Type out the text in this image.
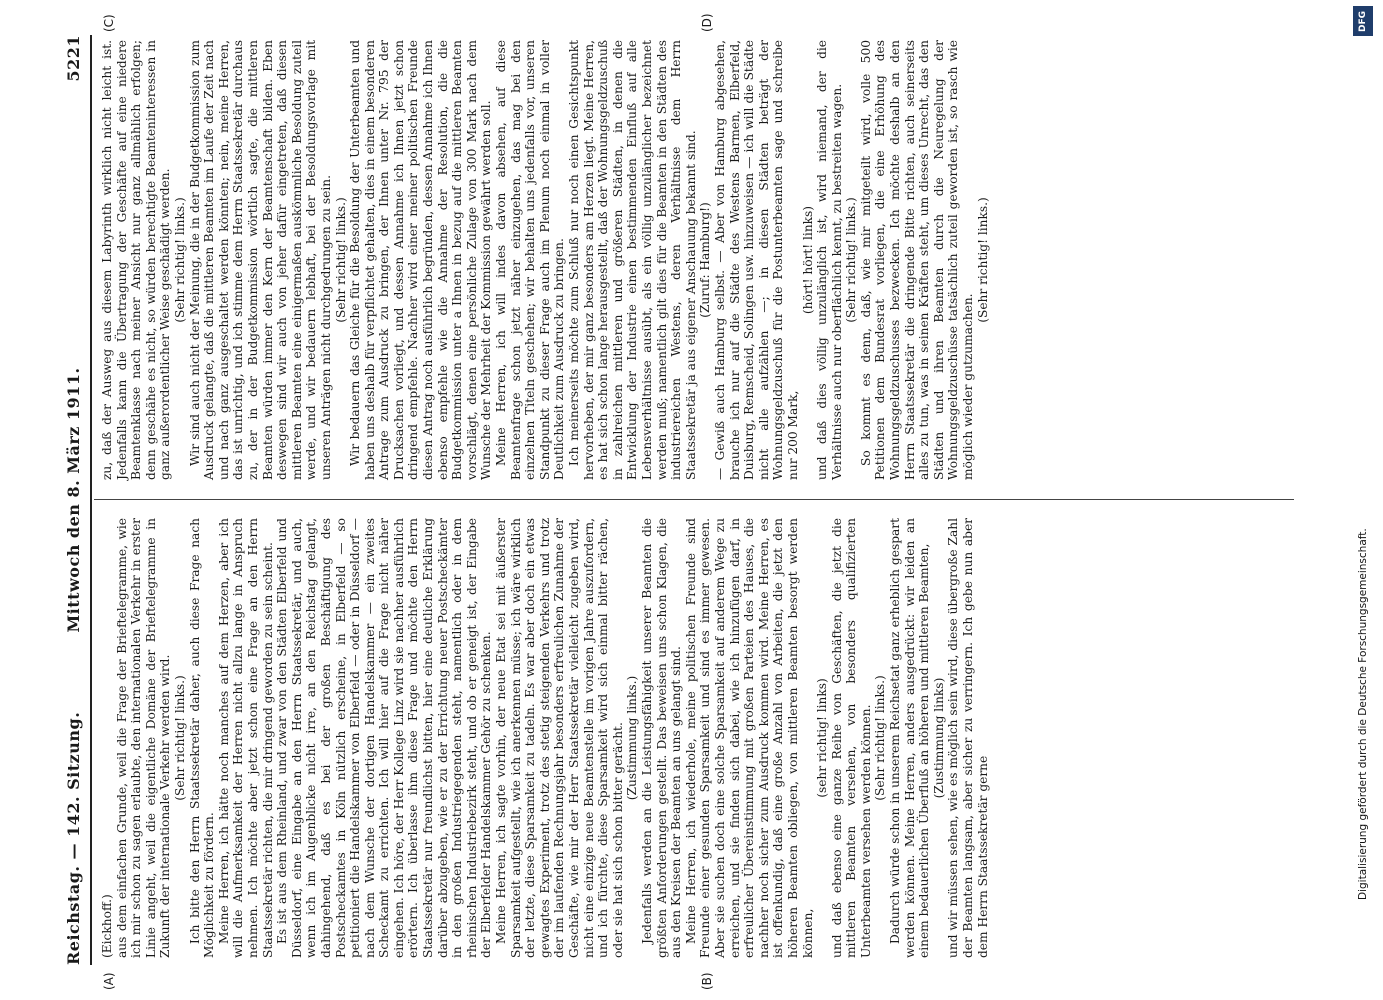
Reichstag. — 142. Sitzung.
Mittwoch den 8. März 1911.
5221
(A)	(B)
(C)	(D)

(Eickhoff.) aus dem einfachen Grunde, weil die Frage der Brieftelegramme, wie ich mir schon zu sagen erlaubte, den internationalen Verkehr in erster Linie angeht, weil die eigentliche Domäne der Brieftelegramme in Zukunft der internationale Verkehr werden wird. (Sehr richtig! links.) Ich bitte den Herrn Staatssekretär daher, auch diese Frage nach Möglichkeit zu fördern. Meine Herren, ich hätte noch manches auf dem Herzen, aber ich will die Aufmerksamkeit der Herren nicht allzu lange in Anspruch nehmen. Ich möchte aber jetzt schon eine Frage an den Herrn Staatssekretär richten, die mir dringend geworden zu sein scheint. Es ist aus dem Rheinland, und zwar von den Städten Elberfeld und Düsseldorf, eine Eingabe an den Herrn Staatssekretär, und auch, wenn ich im Augenblicke nicht irre, an den Reichstag gelangt, dahingehend, daß es bei der großen Beschäftigung des Postscheckamtes in Köln nützlich erscheine, in Elberfeld — so petitioniert die Handelskammer von Elberfeld — oder in Düsseldorf — nach dem Wunsche der dortigen Handelskammer — ein zweites Scheckamt zu errichten. Ich will hier auf die Frage nicht näher eingehen. Ich höre, der Herr Kollege Linz wird sie nachher ausführlich erörtern. Ich überlasse ihm diese Frage und möchte den Herrn Staatssekretär nur freundlichst bitten, hier eine deutliche Erklärung darüber abzugeben, wie er zu der Errichtung neuer Postscheckämter in den großen Industriegegenden steht, namentlich oder in dem rheinischen Industriebezirk steht, und ob er geneigt ist, der Eingabe der Elberfelder Handelskammer Gehör zu schenken. Meine Herren, ich sagte vorhin, der neue Etat sei mit äußerster Sparsamkeit aufgestellt, wie ich anerkennen müsse; ich wäre wirklich der letzte, diese Sparsamkeit zu tadeln. Es war aber doch ein etwas gewagtes Experiment, trotz des stetig steigenden Verkehrs und trotz der im laufenden Rechnungsjahr besonders erfreulichen Zunahme der Geschäfte, wie mir der Herr Staatssekretär vielleicht zugeben wird, nicht eine einzige neue Beamtenstelle im vorigen Jahre auszufordern, und ich fürchte, diese Sparsamkeit wird sich einmal bitter rächen, oder sie hat sich schon bitter gerächt. (Zustimmung links.) Jedenfalls werden an die Leistungsfähigkeit unserer Beamten die größten Anforderungen gestellt. Das beweisen uns schon Klagen, die aus den Kreisen der Beamten an uns gelangt sind. Meine Herren, ich wiederhole, meine politischen Freunde sind Freunde einer gesunden Sparsamkeit und sind es immer gewesen. Aber sie suchen doch eine solche Sparsamkeit auf anderem Wege zu erreichen, und sie finden sich dabei, wie ich hinzufügen darf, in erfreulicher Übereinstimmung mit großen Parteien des Hauses, die nachher noch sicher zum Ausdruck kommen wird. Meine Herren, es ist offenkundig, daß eine große Anzahl von Arbeiten, die jetzt den höheren Beamten obliegen, von mittleren Beamten besorgt werden können,

(sehr richtig! links) und daß ebenso eine ganze Reihe von Geschäften, die jetzt die mittleren Beamten versehen, von besonders qualifizierten Unterbeamten versehen werden können. (Sehr richtig! links.) Dadurch würde schon in unserem Reichsetat ganz erheblich gespart werden können. Meine Herren, anders ausgedrückt: wir leiden an einem bedauerlichen Überfluß an höheren und mittleren Beamten, (Zustimmung links) und wir müssen sehen, wie es möglich sein wird, diese übergroße Zahl der Beamten langsam, aber sicher zu verringern. Ich gebe nun aber dem Herrn Staatssekretär gerne

zu, daß der Ausweg aus diesem Labyrinth wirklich nicht leicht ist. Jedenfalls kann die Übertragung der Geschäfte auf eine niedere Beamtenklasse nach meiner Ansicht nur ganz allmählich erfolgen; denn geschähe es nicht, so würden berechtigte Beamteninteressen in ganz außerordentlicher Weise geschädigt werden. (Sehr richtig! links.) Wir sind auch nicht der Meinung, die in der Budgetkommission zum Ausdruck gelangte, daß die mittleren Beamten im Laufe der Zeit nach und nach ganz ausgeschaltet werden könnten; nein, meine Herren, das ist unrichtig, und ich stimme dem Herrn Staatssekretär durchaus zu, der in der Budgetkommission wörtlich sagte, die mittleren Beamten würden immer den Kern der Beamtenschaft bilden. Eben deswegen sind wir auch von jeher dafür eingetreten, daß diesen mittleren Beamten eine einigermaßen auskömmliche Besoldung zuteil werde, und wir bedauern lebhaft, bei der Besoldungsvorlage mit unseren Anträgen nicht durchgedrungen zu sein. (Sehr richtig! links.) Wir bedauern das Gleiche für die Besoldung der Unterbeamten und haben uns deshalb für verpflichtet gehalten, dies in einem besonderen Antrage zum Ausdruck zu bringen, der Ihnen unter Nr. 795 der Drucksachen vorliegt, und dessen Annahme ich Ihnen jetzt schon dringend empfehle. Nachher wird einer meiner politischen Freunde diesen Antrag noch ausführlich begründen, dessen Annahme ich Ihnen ebenso empfehle wie die Annahme der Resolution, die die Budgetkommission unter a Ihnen in bezug auf die mittleren Beamten vorschlägt, denen eine persönliche Zulage von 300 Mark nach dem Wunsche der Mehrheit der Kommission gewährt werden soll. Meine Herren, ich will indes davon absehen, auf diese Beamtenfrage schon jetzt näher einzugehen, das mag bei den einzelnen Titeln geschehen; wir behalten uns jedenfalls vor, unseren Standpunkt zu dieser Frage auch im Plenum noch einmal in voller Deutlichkeit zum Ausdruck zu bringen. Ich meinerseits möchte zum Schluß nur noch einen Gesichtspunkt hervorheben, der mir ganz besonders am Herzen liegt. Meine Herren, es hat sich schon lange herausgestellt, daß der Wohnungsgeldzuschuß in zahlreichen mittleren und größeren Städten, in denen die Entwicklung der Industrie einen bestimmenden Einfluß auf alle Lebensverhältnisse ausübt, als ein völlig unzulänglicher bezeichnet werden muß; namentlich gilt dies für die Beamten in den Städten des industriereichen Westens, deren Verhältnisse dem Herrn Staatssekretär ja aus eigener Anschauung bekannt sind. (Zuruf: Hamburg!) — Gewiß auch Hamburg selbst. — Aber von Hamburg abgesehen, brauche ich nur auf die Städte des Westens Barmen, Elberfeld, Duisburg, Remscheid, Solingen usw. hinzuweisen — ich will die Städte nicht alle aufzählen —; in diesen Städten beträgt der Wohnungsgeldzuschuß für die Postunterbeamten sage und schreibe nur 200 Mark,

(hört! hört! links) und daß dies völlig unzulänglich ist, wird niemand, der die Verhältnisse auch nur oberflächlich kennt, zu bestreiten wagen. (Sehr richtig! links.) So kommt es denn, daß, wie mir mitgeteilt wird, volle 500 Petitionen dem Bundesrat vorliegen, die eine Erhöhung des Wohnungsgeldzuschusses bezwecken. Ich möchte deshalb an den Herrn Staatssekretär die dringende Bitte richten, auch seinerseits alles zu tun, was in seinen Kräften steht, um dieses Unrecht, das den Städten und ihren Beamten durch die Neuregelung der Wohnungsgeldzuschüsse tatsächlich zuteil geworden ist, so rasch wie möglich wieder gutzumachen.

(Sehr richtig! links.)

DFG
Digitalisierung gefördert durch die Deutsche Forschungsgemeinschaft.
